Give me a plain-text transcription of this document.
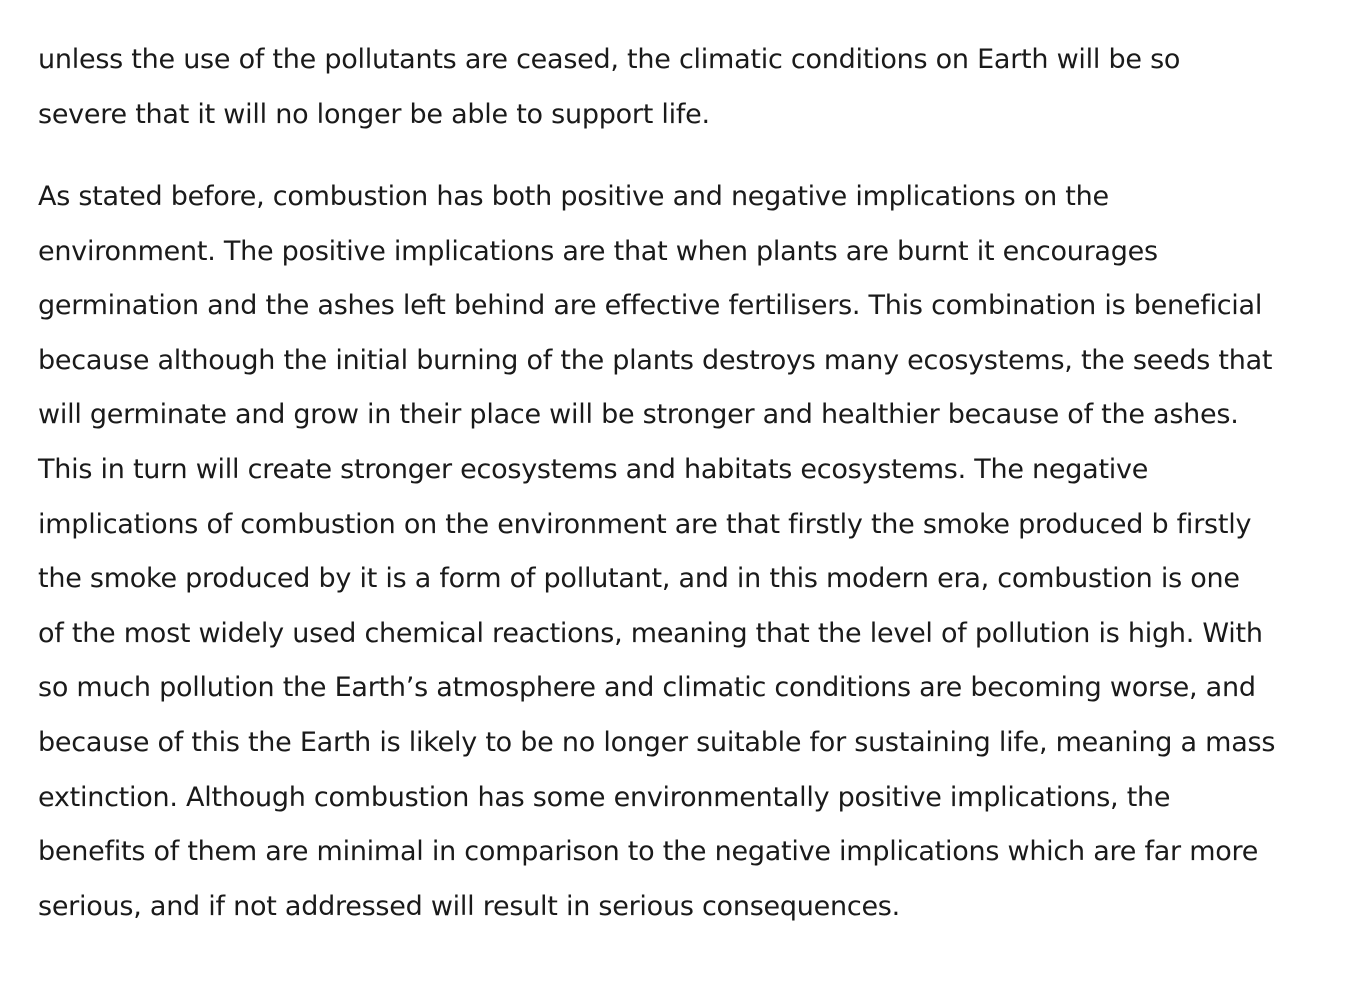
unless the use of the pollutants are ceased, the climatic conditions on Earth will be so
severe that it will no longer be able to support life.
As stated before, combustion has both positive and negative implications on the
environment. The positive implications are that when plants are burnt it encourages
germination and the ashes left behind are effective fertilisers. This combination is beneficial
because although the initial burning of the plants destroys many ecosystems, the seeds that
will germinate and grow in their place will be stronger and healthier because of the ashes.
This in turn will create stronger ecosystems and habitats ecosystems. The negative
implications of combustion on the environment are that firstly the smoke produced b firstly
the smoke produced by it is a form of pollutant, and in this modern era, combustion is one
of the most widely used chemical reactions, meaning that the level of pollution is high. With
so much pollution the Earth’s atmosphere and climatic conditions are becoming worse, and
because of this the Earth is likely to be no longer suitable for sustaining life, meaning a mass
extinction. Although combustion has some environmentally positive implications, the
benefits of them are minimal in comparison to the negative implications which are far more
serious, and if not addressed will result in serious consequences.
